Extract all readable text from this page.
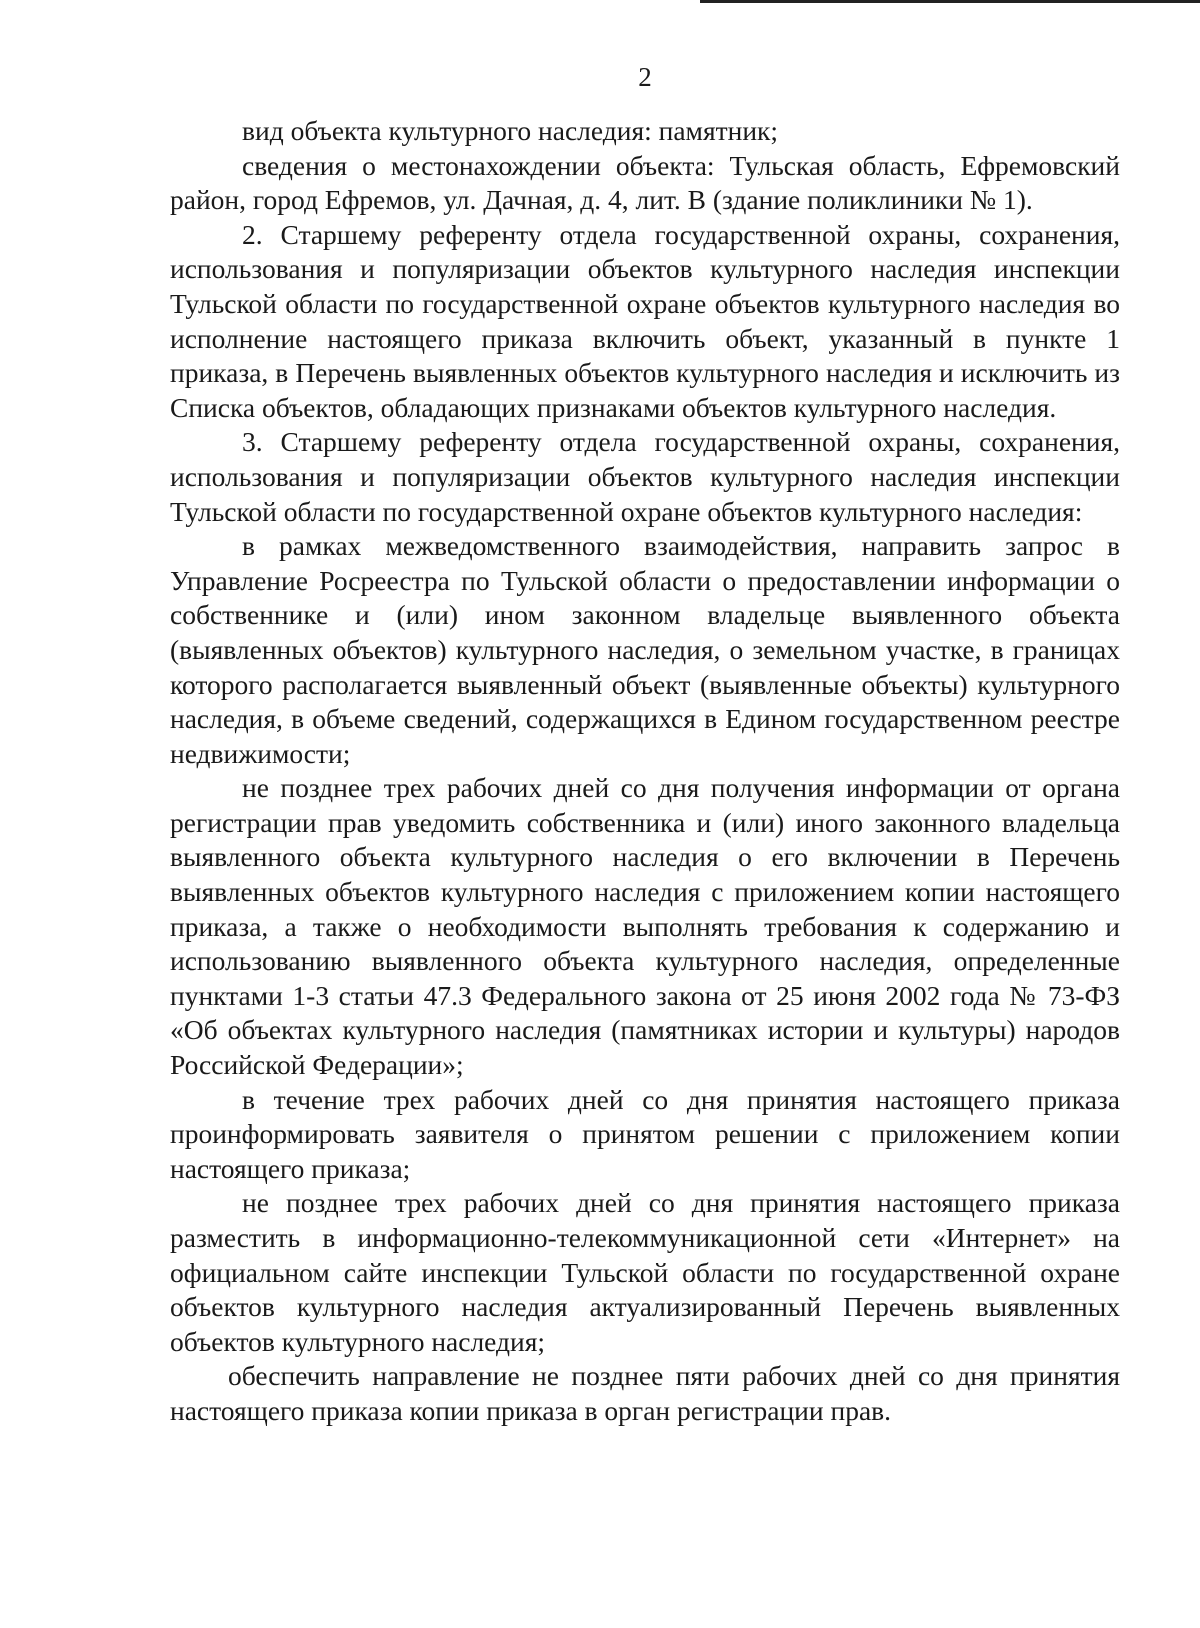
2

вид объекта культурного наследия: памятник;

сведения о местонахождении объекта: Тульская область, Ефремовский район, город Ефремов, ул. Дачная, д. 4, лит. В (здание поликлиники № 1).

2. Старшему референту отдела государственной охраны, сохранения, использования и популяризации объектов культурного наследия инспекции Тульской области по государственной охране объектов культурного наследия во исполнение настоящего приказа включить объект, указанный в пункте 1 приказа, в Перечень выявленных объектов культурного наследия и исключить из Списка объектов, обладающих признаками объектов культурного наследия.

3. Старшему референту отдела государственной охраны, сохранения, использования и популяризации объектов культурного наследия инспекции Тульской области по государственной охране объектов культурного наследия:

в рамках межведомственного взаимодействия, направить запрос в Управление Росреестра по Тульской области о предоставлении информации о собственнике и (или) ином законном владельце выявленного объекта (выявленных объектов) культурного наследия, о земельном участке, в границах которого располагается выявленный объект (выявленные объекты) культурного наследия, в объеме сведений, содержащихся в Едином государственном реестре недвижимости;

не позднее трех рабочих дней со дня получения информации от органа регистрации прав уведомить собственника и (или) иного законного владельца выявленного объекта культурного наследия о его включении в Перечень выявленных объектов культурного наследия с приложением копии настоящего приказа, а также о необходимости выполнять требования к содержанию и использованию выявленного объекта культурного наследия, определенные пунктами 1-3 статьи 47.3 Федерального закона от 25 июня 2002 года № 73-ФЗ «Об объектах культурного наследия (памятниках истории и культуры) народов Российской Федерации»;

в течение трех рабочих дней со дня принятия настоящего приказа проинформировать заявителя о принятом решении с приложением копии настоящего приказа;

не позднее трех рабочих дней со дня принятия настоящего приказа разместить в информационно-телекоммуникационной сети «Интернет» на официальном сайте инспекции Тульской области по государственной охране объектов культурного наследия актуализированный Перечень выявленных объектов культурного наследия;

обеспечить направление не позднее пяти рабочих дней со дня принятия настоящего приказа копии приказа в орган регистрации прав.
